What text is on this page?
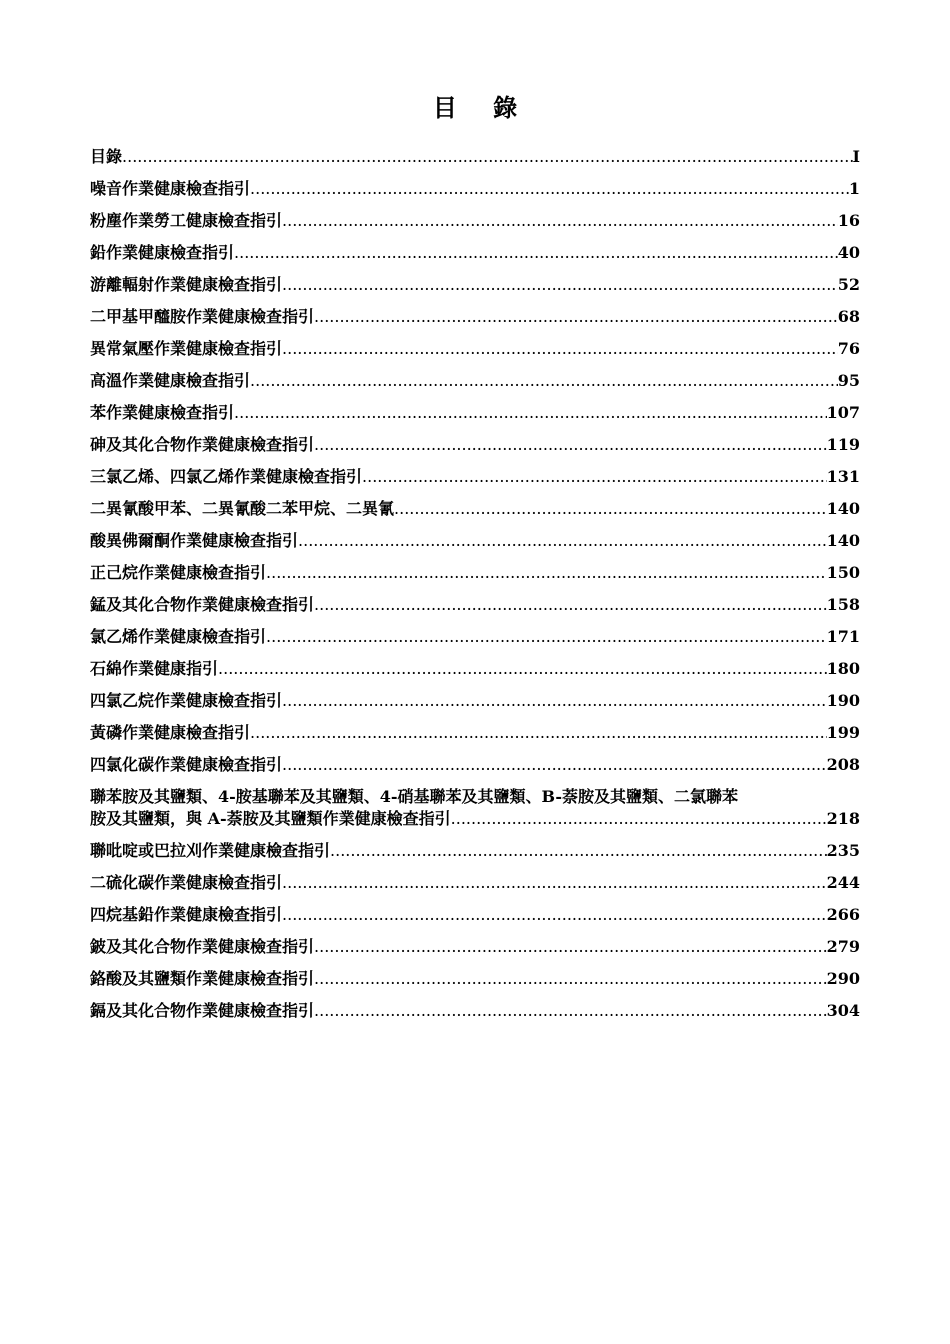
目 錄
目錄 .....	I
噪音作業健康檢查指引 .....	1
粉塵作業勞工健康檢查指引 .....	16
鉛作業健康檢查指引 .....	40
游離輻射作業健康檢查指引 .....	52
二甲基甲醯胺作業健康檢查指引 .....	68
異常氣壓作業健康檢查指引 .....	76
高溫作業健康檢查指引 .....	95
苯作業健康檢查指引 .....	107
砷及其化合物作業健康檢查指引 .....	119
三氯乙烯、四氯乙烯作業健康檢查指引 .....	131
二異氰酸甲苯、二異氰酸二苯甲烷、二異氰 .....	140
酸異佛爾酮作業健康檢查指引 .....	140
正己烷作業健康檢查指引 .....	150
錳及其化合物作業健康檢查指引 .....	158
氯乙烯作業健康檢查指引 .....	171
石綿作業健康指引 .....	180
四氯乙烷作業健康檢查指引 .....	190
黃磷作業健康檢查指引 .....	199
四氯化碳作業健康檢查指引 .....	208
聯苯胺及其鹽類、4-胺基聯苯及其鹽類、4-硝基聯苯及其鹽類、B-萘胺及其鹽類、二氯聯苯
胺及其鹽類，與 A-萘胺及其鹽類作業健康檢查指引 .....	218
聯吡啶或巴拉刈作業健康檢查指引 .....	235
二硫化碳作業健康檢查指引 .....	244
四烷基鉛作業健康檢查指引 .....	266
鈹及其化合物作業健康檢查指引 .....	279
鉻酸及其鹽類作業健康檢查指引 .....	290
鎘及其化合物作業健康檢查指引 .....	304
